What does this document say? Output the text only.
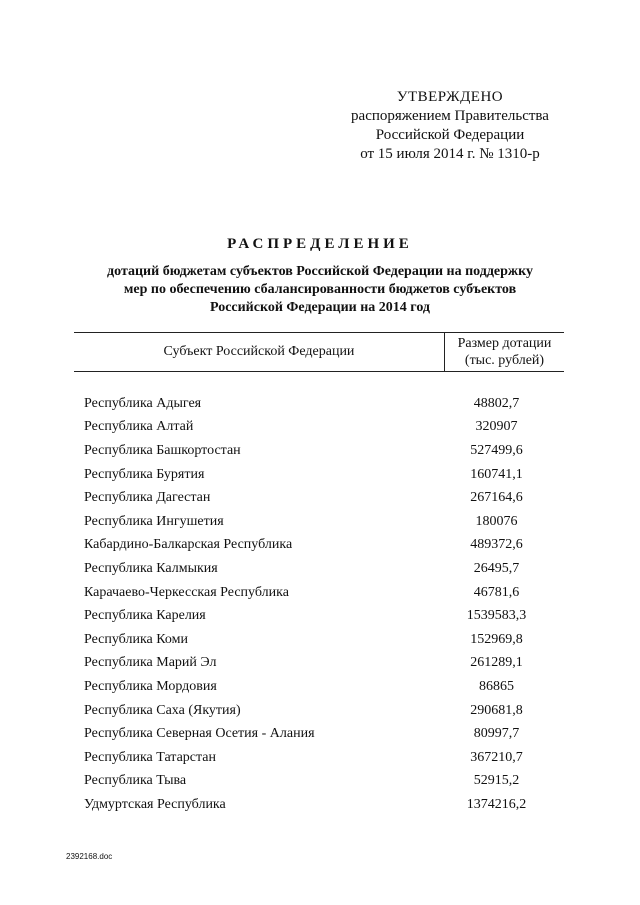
УТВЕРЖДЕНО
распоряжением Правительства
Российской Федерации
от 15 июля 2014 г. № 1310-р
РАСПРЕДЕЛЕНИЕ
дотаций бюджетам субъектов Российской Федерации на поддержку
мер по обеспечению сбалансированности бюджетов субъектов
Российской Федерации на 2014 год
Субъект Российской Федерации
Размер дотации
(тыс. рублей)
Республика Адыгея	48802,7
Республика Алтай	320907
Республика Башкортостан	527499,6
Республика Бурятия	160741,1
Республика Дагестан	267164,6
Республика Ингушетия	180076
Кабардино-Балкарская Республика	489372,6
Республика Калмыкия	26495,7
Карачаево-Черкесская Республика	46781,6
Республика Карелия	1539583,3
Республика Коми	152969,8
Республика Марий Эл	261289,1
Республика Мордовия	86865
Республика Саха (Якутия)	290681,8
Республика Северная Осетия - Алания	80997,7
Республика Татарстан	367210,7
Республика Тыва	52915,2
Удмуртская Республика	1374216,2
2392168.doc
